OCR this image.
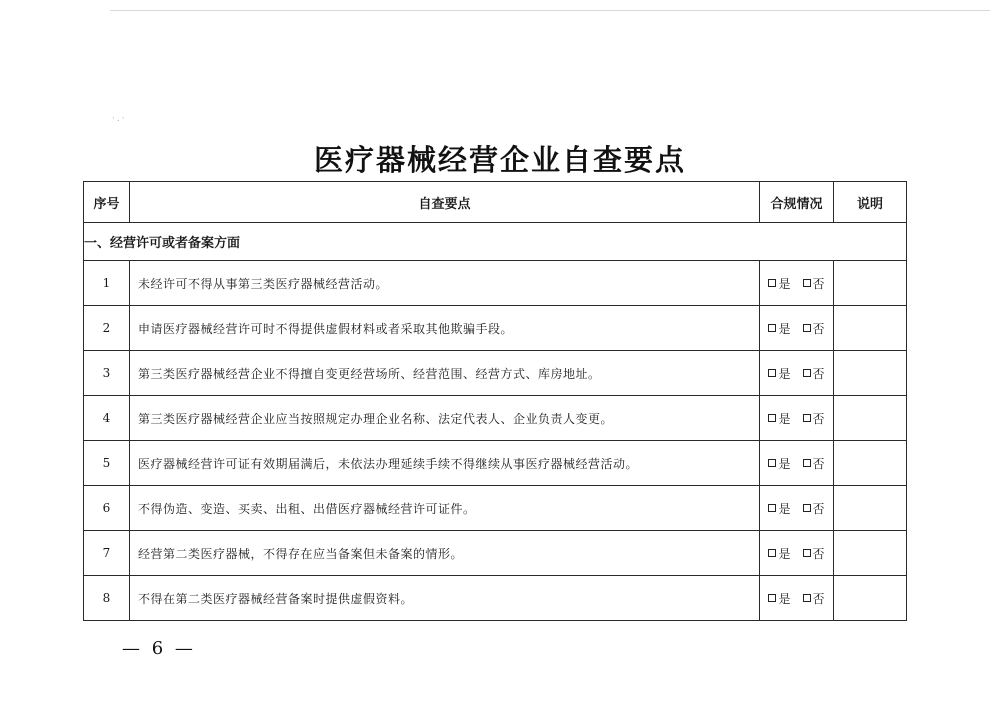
·.·
医疗器械经营企业自查要点
序号	自查要点	合规情况	说明
一、经营许可或者备案方面			
1	未经许可不得从事第三类医疗器械经营活动。	是 否	
2	申请医疗器械经营许可时不得提供虚假材料或者采取其他欺骗手段。	是 否	
3	第三类医疗器械经营企业不得擅自变更经营场所、经营范围、经营方式、库房地址。	是 否	
4	第三类医疗器械经营企业应当按照规定办理企业名称、法定代表人、企业负责人变更。	是 否	
5	医疗器械经营许可证有效期届满后，未依法办理延续手续不得继续从事医疗器械经营活动。	是 否	
6	不得伪造、变造、买卖、出租、出借医疗器械经营许可证件。	是 否	
7	经营第二类医疗器械，不得存在应当备案但未备案的情形。	是 否	
8	不得在第二类医疗器械经营备案时提供虚假资料。	是 否	
— 6 —
